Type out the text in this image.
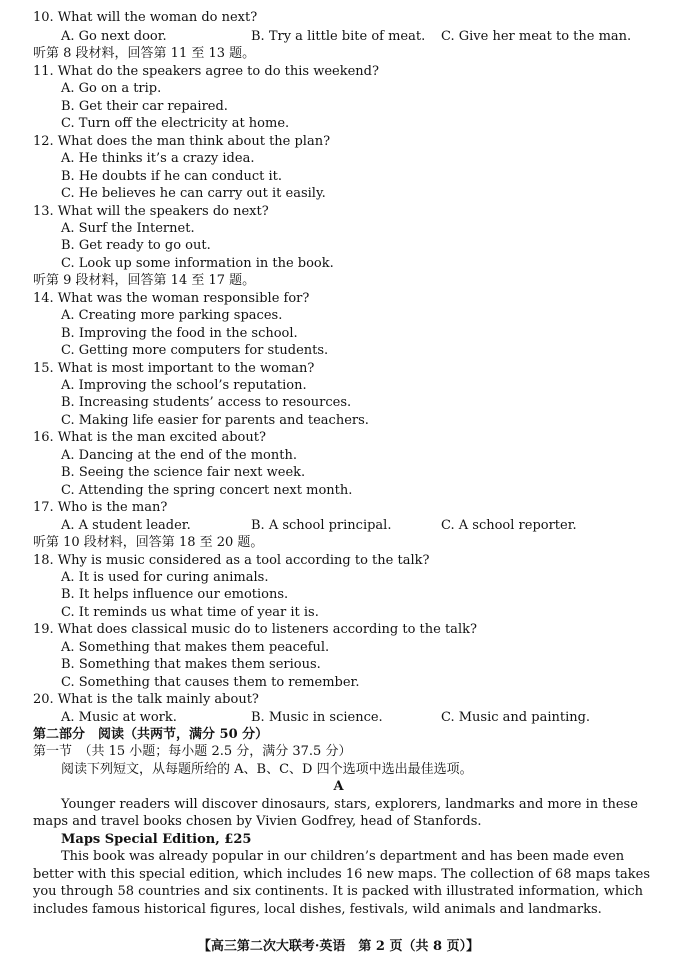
10. What will the woman do next?
A. Go next door.	B. Try a little bite of meat. C. Give her meat to the man.
听第 8 段材料，回答第 11 至 13 题。
11. What do the speakers agree to do this weekend?
A. Go on a trip.
B. Get their car repaired.
C. Turn off the electricity at home.
12. What does the man think about the plan?
A. He thinks it’s a crazy idea.
B. He doubts if he can conduct it.
C. He believes he can carry out it easily.
13. What will the speakers do next?
A. Surf the Internet.
B. Get ready to go out.
C. Look up some information in the book.
听第 9 段材料，回答第 14 至 17 题。
14. What was the woman responsible for?
A. Creating more parking spaces.
B. Improving the food in the school.
C. Getting more computers for students.
15. What is most important to the woman?
A. Improving the school’s reputation.
B. Increasing students’ access to resources.
C. Making life easier for parents and teachers.
16. What is the man excited about?
A. Dancing at the end of the month.
B. Seeing the science fair next week.
C. Attending the spring concert next month.
17. Who is the man?
A. A student leader.	B. A school principal.	C. A school reporter.
听第 10 段材料，回答第 18 至 20 题。
18. Why is music considered as a tool according to the talk?
A. It is used for curing animals.
B. It helps influence our emotions.
C. It reminds us what time of year it is.
19. What does classical music do to listeners according to the talk?
A. Something that makes them peaceful.
B. Something that makes them serious.
C. Something that causes them to remember.
20. What is the talk mainly about?
A. Music at work.	B. Music in science.	C. Music and painting.
第二部分　阅读（共两节，满分 50 分）
第一节　（共 15 小题；每小题 2.5 分，满分 37.5 分）
阅读下列短文，从每题所给的 A、B、C、D 四个选项中选出最佳选项。
A
Younger readers will discover dinosaurs, stars, explorers, landmarks and more in these
maps and travel books chosen by Vivien Godfrey, head of Stanfords.
Maps Special Edition, £25
This book was already popular in our children’s department and has been made even
better with this special edition, which includes 16 new maps. The collection of 68 maps takes
you through 58 countries and six continents. It is packed with illustrated information, which
includes famous historical figures, local dishes, festivals, wild animals and landmarks.
【高三第二次大联考·英语　第 2 页（共 8 页）】
